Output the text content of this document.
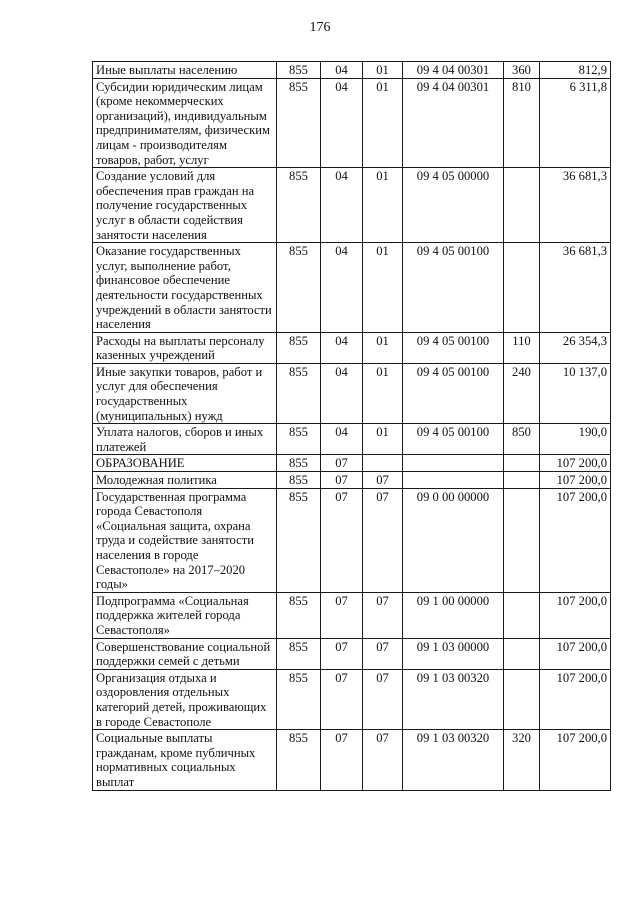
176
Иные выплаты населению	855	04	01	09 4 04 00301	360	812,9
Субсидии юридическим лицам (кроме некоммерческих организаций), индивидуальным предпринимателям, физическим лицам - производителям товаров, работ, услуг	855	04	01	09 4 04 00301	810	6 311,8
Создание условий для обеспечения прав граждан на получение государственных услуг в области содействия занятости населения	855	04	01	09 4 05 00000		36 681,3
Оказание государственных услуг, выполнение работ, финансовое обеспечение деятельности государственных учреждений в области занятости населения	855	04	01	09 4 05 00100		36 681,3
Расходы на выплаты персоналу казенных учреждений	855	04	01	09 4 05 00100	110	26 354,3
Иные закупки товаров, работ и услуг для обеспечения государственных (муниципальных) нужд	855	04	01	09 4 05 00100	240	10 137,0
Уплата налогов, сборов и иных платежей	855	04	01	09 4 05 00100	850	190,0
ОБРАЗОВАНИЕ	855	07				107 200,0
Молодежная политика	855	07	07			107 200,0
Государственная программа города Севастополя «Социальная защита, охрана труда и содействие занятости населения в городе Севастополе» на 2017–2020 годы»	855	07	07	09 0 00 00000		107 200,0
Подпрограмма «Социальная поддержка жителей города Севастополя»	855	07	07	09 1 00 00000		107 200,0
Совершенствование социальной поддержки семей с детьми	855	07	07	09 1 03 00000		107 200,0
Организация отдыха и оздоровления отдельных категорий детей, проживающих в городе Севастополе	855	07	07	09 1 03 00320		107 200,0
Социальные выплаты гражданам, кроме публичных нормативных социальных выплат	855	07	07	09 1 03 00320	320	107 200,0
